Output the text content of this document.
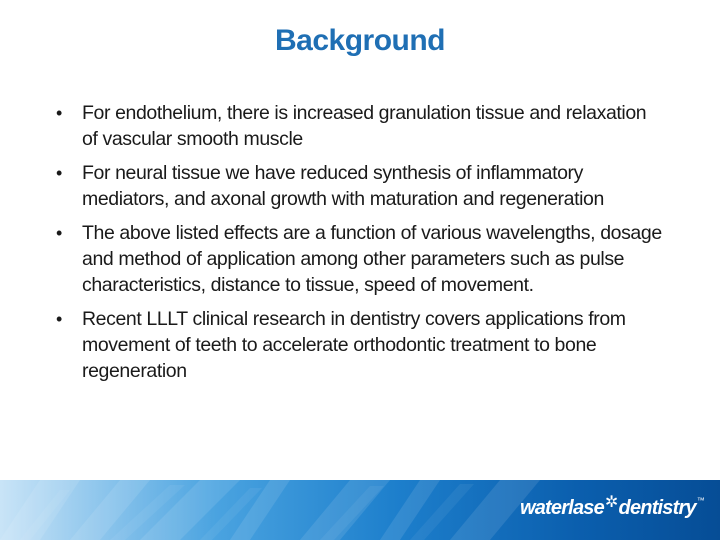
Background
• For endothelium, there is increased granulation tissue and relaxation of vascular smooth muscle
• For neural tissue we have reduced synthesis of inflammatory mediators, and axonal growth with maturation and regeneration
• The above listed effects are a function of various wavelengths, dosage and method of application among other parameters such as pulse characteristics, distance to tissue, speed of movement.
• Recent LLLT clinical research in dentistry covers applications from movement of teeth to accelerate orthodontic treatment to bone regeneration
waterlase ✲ dentistry ™
